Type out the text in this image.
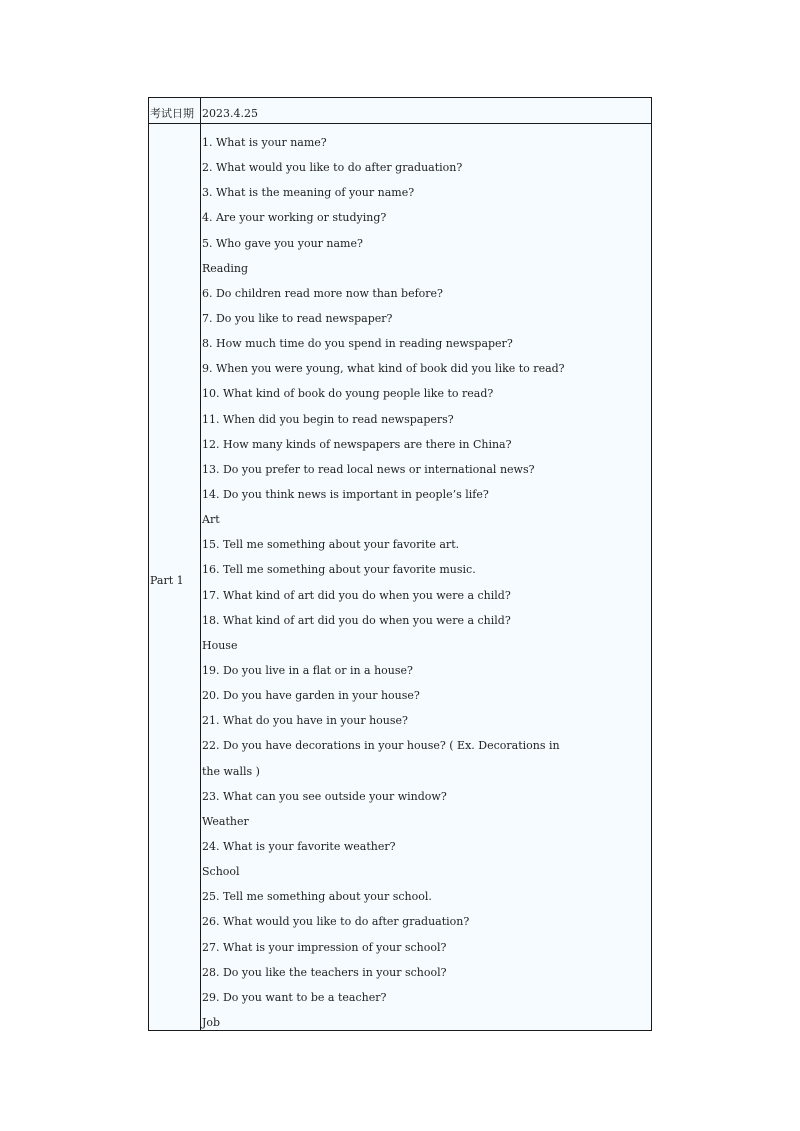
考试日期 2023.4.25
Part 1
1. What is your name?
2. What would you like to do after graduation?
3. What is the meaning of your name?
4. Are your working or studying?
5. Who gave you your name?
Reading
6. Do children read more now than before?
7. Do you like to read newspaper?
8. How much time do you spend in reading newspaper?
9. When you were young, what kind of book did you like to read?
10. What kind of book do young people like to read?
11. When did you begin to read newspapers?
12. How many kinds of newspapers are there in China?
13. Do you prefer to read local news or international news?
14. Do you think news is important in people’s life?
Art
15. Tell me something about your favorite art.
16. Tell me something about your favorite music.
17. What kind of art did you do when you were a child?
18. What kind of art did you do when you were a child?
House
19. Do you live in a flat or in a house?
20. Do you have garden in your house?
21. What do you have in your house?
22. Do you have decorations in your house? ( Ex. Decorations in
the walls )
23. What can you see outside your window?
Weather
24. What is your favorite weather?
School
25. Tell me something about your school.
26. What would you like to do after graduation?
27. What is your impression of your school?
28. Do you like the teachers in your school?
29. Do you want to be a teacher?
Job
